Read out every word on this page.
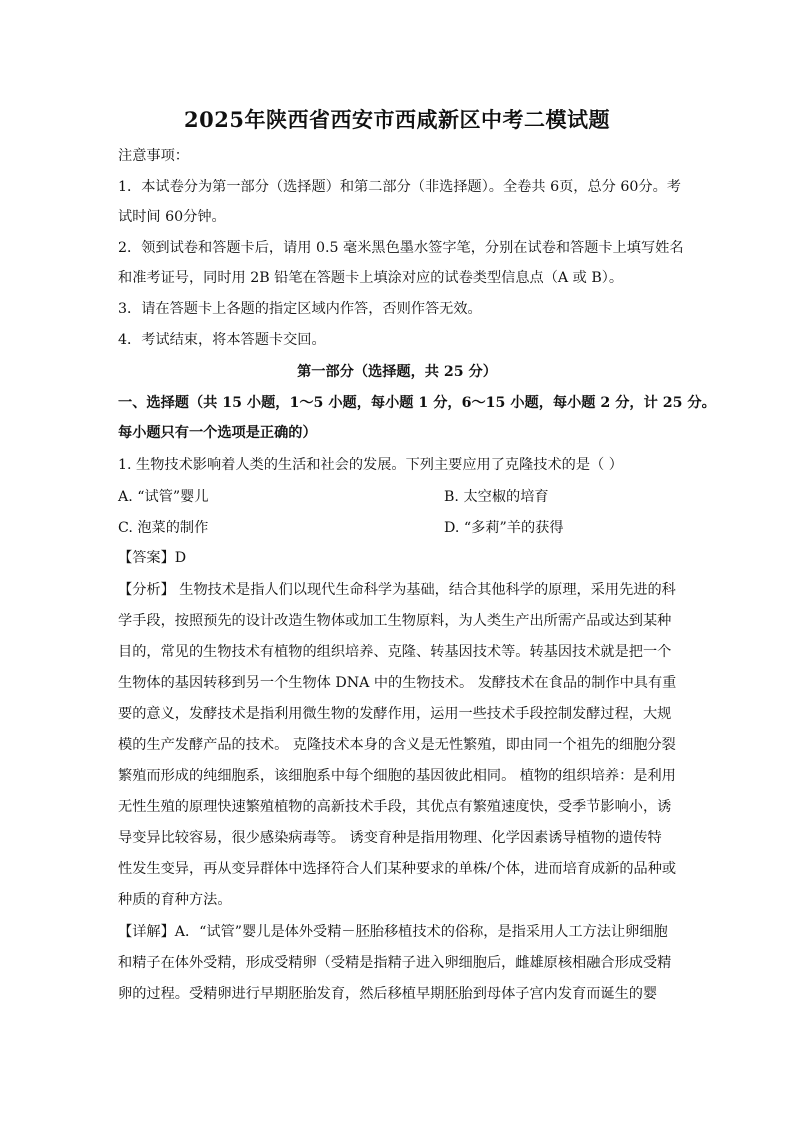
2025年陕西省西安市西咸新区中考二模试题
注意事项：
1．本试卷分为第一部分（选择题）和第二部分（非选择题）。全卷共 6页，总分 60分。考
试时间 60分钟。
2．领到试卷和答题卡后，请用 0.5 毫米黑色墨水签字笔，分别在试卷和答题卡上填写姓名
和准考证号，同时用 2B 铅笔在答题卡上填涂对应的试卷类型信息点（A 或 B）。
3．请在答题卡上各题的指定区域内作答，否则作答无效。
4．考试结束，将本答题卡交回。
第一部分（选择题，共 25 分）
一、选择题（共 15 小题，1～5 小题，每小题 1 分，6～15 小题，每小题 2 分，计 25 分。
每小题只有一个选项是正确的）
1. 生物技术影响着人类的生活和社会的发展。下列主要应用了克隆技术的是（ ）
A. “试管”婴儿	B. 太空椒的培育
C. 泡菜的制作	D. “多莉”羊的获得
【答案】D
【分析】 生物技术是指人们以现代生命科学为基础，结合其他科学的原理，采用先进的科
学手段，按照预先的设计改造生物体或加工生物原料，为人类生产出所需产品或达到某种
目的，常见的生物技术有植物的组织培养、克隆、转基因技术等。转基因技术就是把一个
生物体的基因转移到另一个生物体 DNA 中的生物技术。 发酵技术在食品的制作中具有重
要的意义，发酵技术是指利用微生物的发酵作用，运用一些技术手段控制发酵过程，大规
模的生产发酵产品的技术。 克隆技术本身的含义是无性繁殖，即由同一个祖先的细胞分裂
繁殖而形成的纯细胞系，该细胞系中每个细胞的基因彼此相同。 植物的组织培养：是利用
无性生殖的原理快速繁殖植物的高新技术手段，其优点有繁殖速度快，受季节影响小，诱
导变异比较容易，很少感染病毒等。 诱变育种是指用物理、化学因素诱导植物的遗传特
性发生变异，再从变异群体中选择符合人们某种要求的单株/个体，进而培育成新的品种或
种质的育种方法。
【详解】A．“试管”婴儿是体外受精－胚胎移植技术的俗称，是指采用人工方法让卵细胞
和精子在体外受精，形成受精卵（受精是指精子进入卵细胞后，雌雄原核相融合形成受精
卵的过程。受精卵进行早期胚胎发育，然后移植早期胚胎到母体子宫内发育而诞生的婴
